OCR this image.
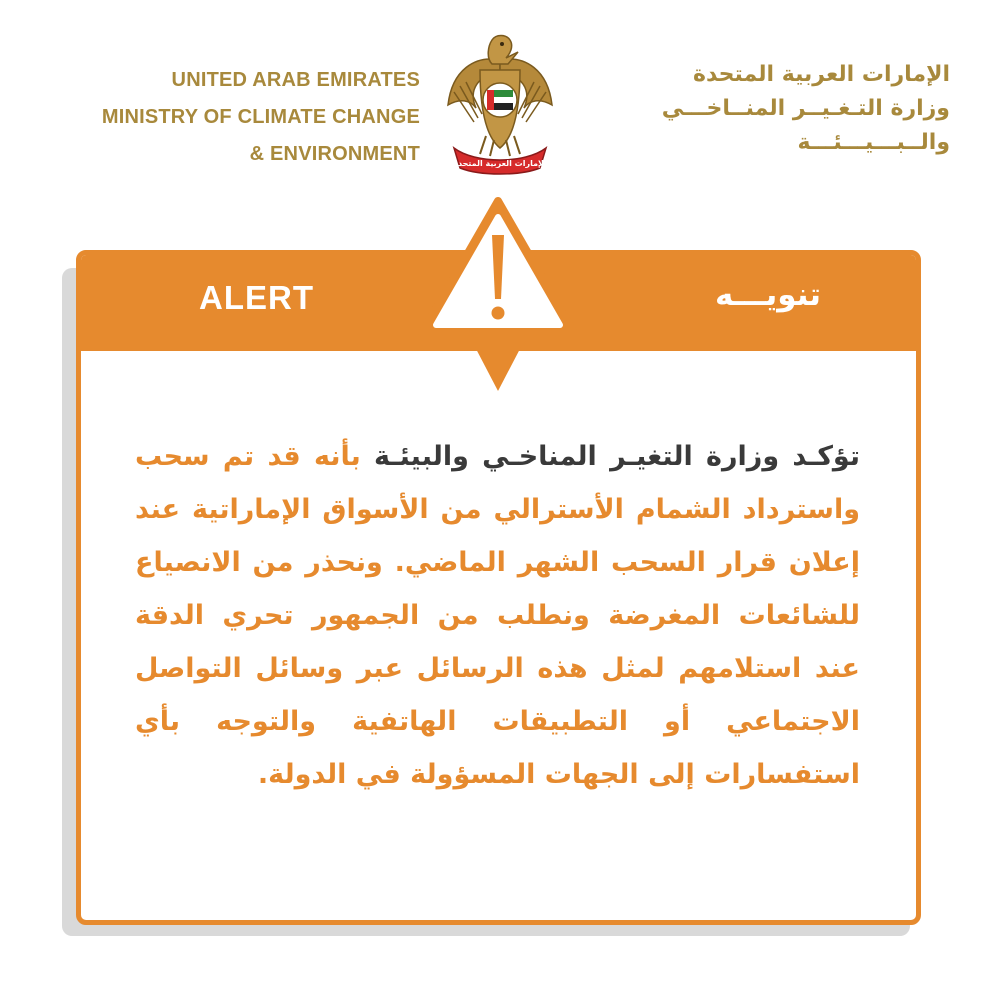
UNITED ARAB EMIRATES
MINISTRY OF CLIMATE CHANGE
& ENVIRONMENT	الإمارات العربية المتحدة
الإمارات العربية المتحدة
وزارة التـغـيــر المنــاخـــي
والــبـــيـــئـــة
ALERT	تنويـــه
تؤكـد وزارة التغيـر المناخـي والبيئـة بأنه قد تم سحب واسترداد الشمام الأسترالي من الأسواق الإماراتية عند إعلان قرار السحب الشهر الماضي. ونحذر من الانصياع للشائعات المغرضة ونطلب من الجمهور تحري الدقة عند استلامهم لمثل هذه الرسائل عبر وسائل التواصل الاجتماعي أو التطبيقات الهاتفية والتوجه بأي استفسارات إلى الجهات المسؤولة في الدولة.
